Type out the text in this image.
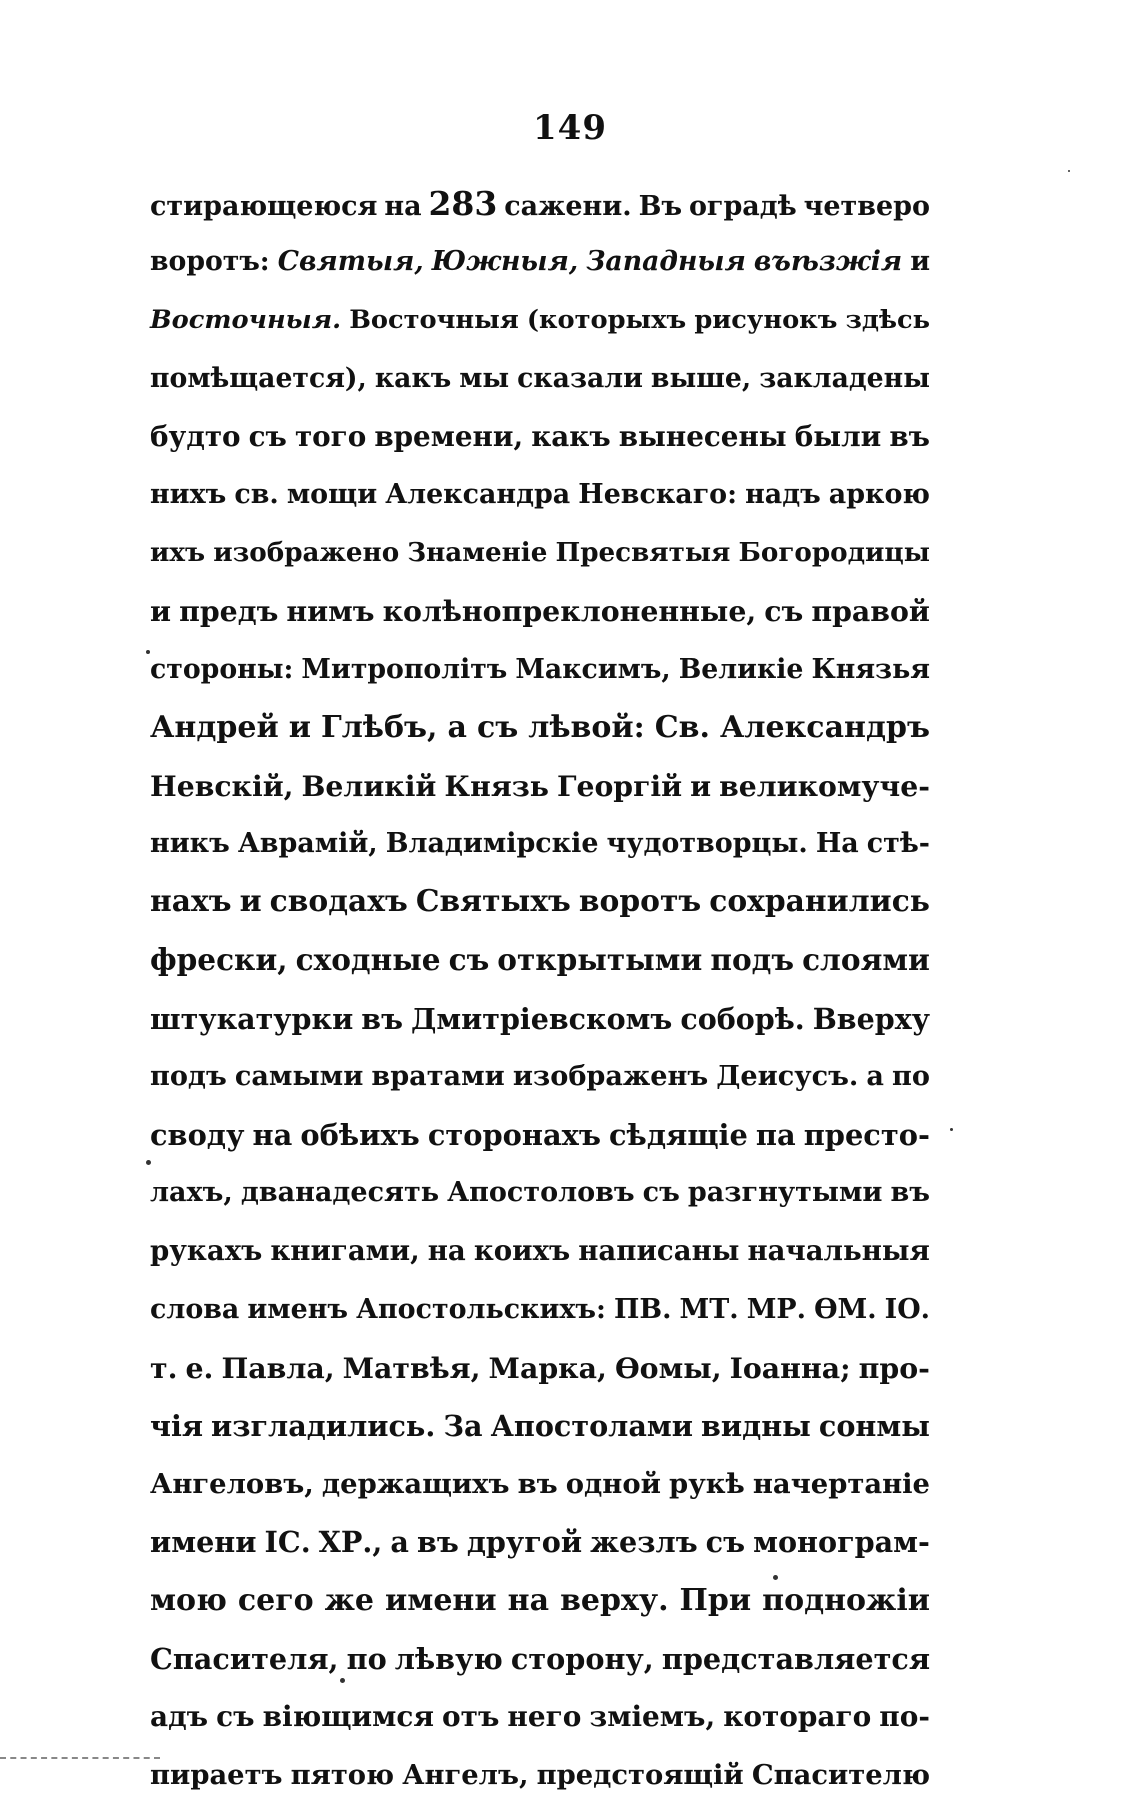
149
стирающеюся на 283 сажени. Въ оградѣ четверо
воротъ: Святыя, Южныя, Западныя въѣзжія и
Восточныя. Восточныя (которыхъ рисунокъ здѣсь
помѣщается), какъ мы сказали выше, закладены
будто съ того времени, какъ вынесены были въ
нихъ св. мощи Александра Невскаго: надъ аркою
ихъ изображено Знаменіе Пресвятыя Богородицы
и предъ нимъ колѣнопреклоненные, съ правой
стороны: Митрополітъ Максимъ, Великіе Князья
Андрей и Глѣбъ, а съ лѣвой: Св. Александръ
Невскій, Великій Князь Георгій и великомуче-
никъ Аврамій, Владимірскіе чудотворцы. На стѣ-
нахъ и сводахъ Святыхъ воротъ сохранились
фрески, сходные съ открытыми подъ слоями
штукатурки въ Дмитріевскомъ соборѣ. Вверху
подъ самыми вратами изображенъ Деисусъ. а по
своду на обѣихъ сторонахъ сѣдящіе па престо-
лахъ, дванадесять Апостоловъ съ разгнутыми въ
рукахъ книгами, на коихъ написаны начальныя
слова именъ Апостольскихъ: ПВ. МТ. МР. ѲМ. ІО.
т. е. Павла, Матвѣя, Марка, Ѳомы, Іоанна; про-
чія изгладились. За Апостолами видны сонмы
Ангеловъ, держащихъ въ одной рукѣ начертаніе
имени ІС. ХР., а въ другой жезлъ съ монограм-
мою сего же имени на верху. При подножіи
Спасителя, по лѣвую сторону, представляется
адъ съ віющимся отъ него зміемъ, котораго по-
пираетъ пятою Ангелъ, предстоящій Спасителю
